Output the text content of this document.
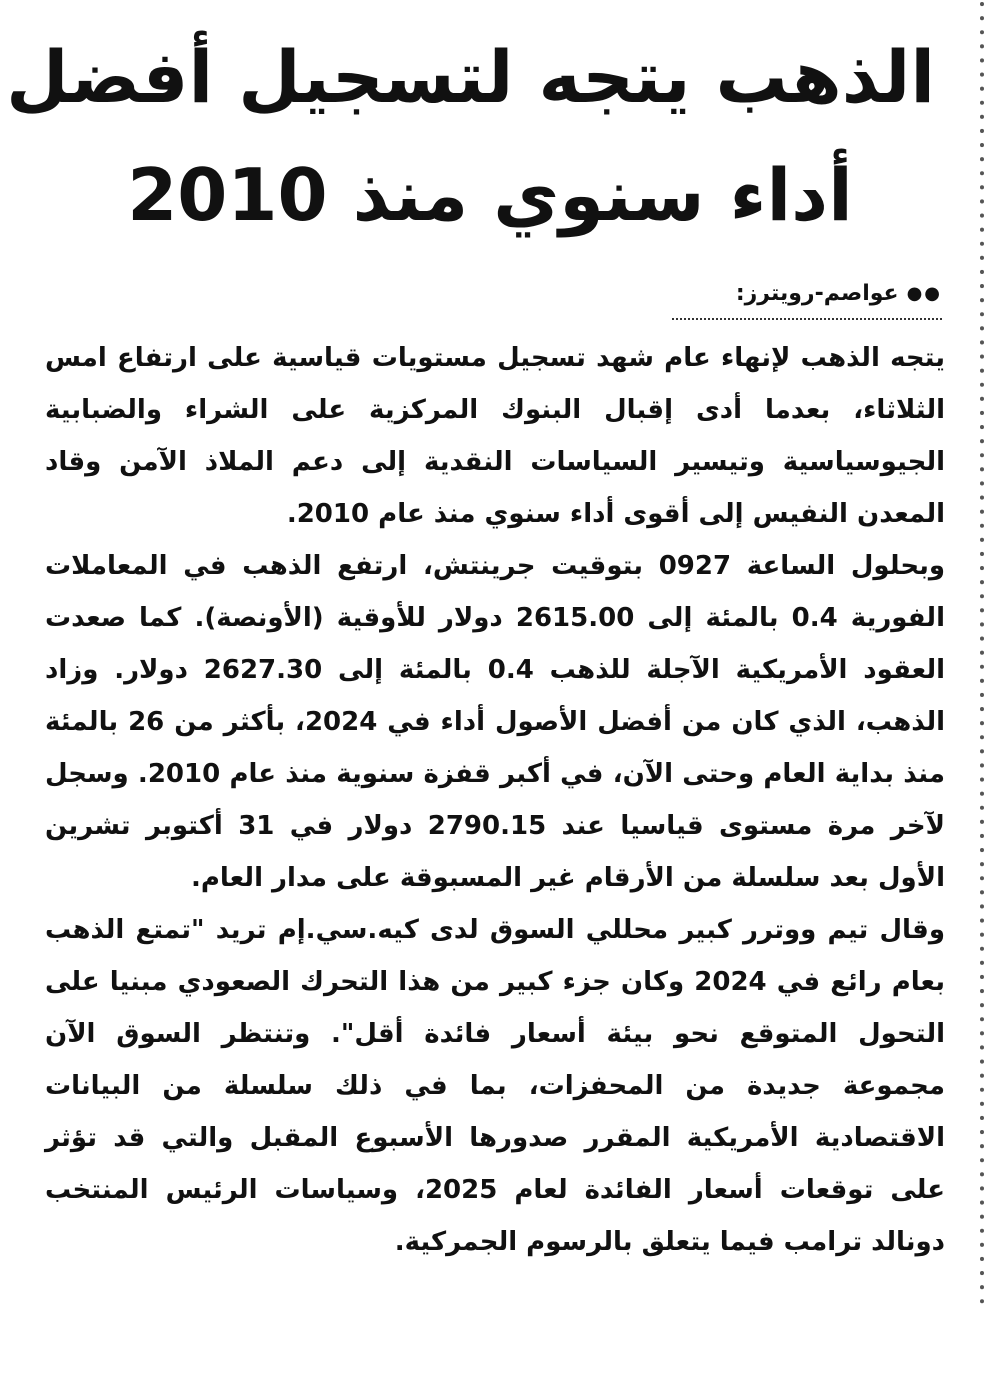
الذهب يتجه لتسجيل أفضل
أداء سنوي منذ 2010
●●
عواصم-رويترز:

يتجه الذهب لإنهاء عام شهد تسجيل مستويات قياسية على ارتفاع امس الثلاثاء، بعدما أدى إقبال البنوك المركزية على الشراء والضبابية الجيوسياسية وتيسير السياسات النقدية إلى دعم الملاذ الآمن وقاد المعدن النفيس إلى أقوى أداء سنوي منذ عام 2010.

وبحلول الساعة 0927 بتوقيت جرينتش، ارتفع الذهب في المعاملات الفورية 0.4 بالمئة إلى 2615.00 دولار للأوقية (الأونصة). كما صعدت العقود الأمريكية الآجلة للذهب 0.4 بالمئة إلى 2627.30 دولار. وزاد الذهب، الذي كان من أفضل الأصول أداء في 2024، بأكثر من 26 بالمئة منذ بداية العام وحتى الآن، في أكبر قفزة سنوية منذ عام 2010. وسجل لآخر مرة مستوى قياسيا عند 2790.15 دولار في 31 أكتوبر تشرين الأول بعد سلسلة من الأرقام غير المسبوقة على مدار العام.

وقال تيم ووترر كبير محللي السوق لدى كيه.سي.إم تريد "تمتع الذهب بعام رائع في 2024 وكان جزء كبير من هذا التحرك الصعودي مبنيا على التحول المتوقع نحو بيئة أسعار فائدة أقل". وتنتظر السوق الآن مجموعة جديدة من المحفزات، بما في ذلك سلسلة من البيانات الاقتصادية الأمريكية المقرر صدورها الأسبوع المقبل والتي قد تؤثر على توقعات أسعار الفائدة لعام 2025، وسياسات الرئيس المنتخب دونالد ترامب فيما يتعلق بالرسوم الجمركية.
